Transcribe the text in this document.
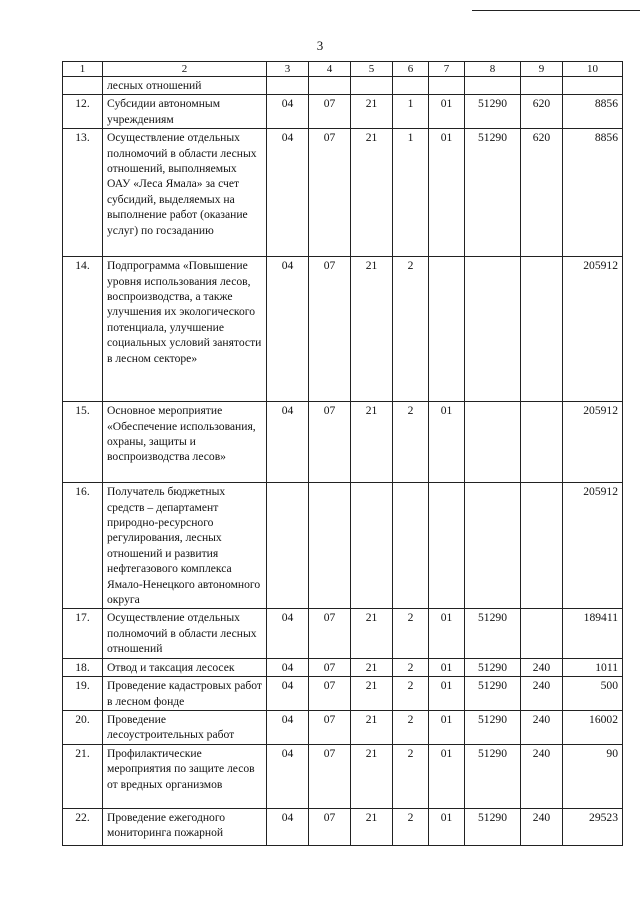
3
1	2	3	4	5	6	7	8	9	10
	лесных отношений								
12.	Субсидии автономным учреждениям	04	07	21	1	01	51290	620	8856
13.	Осуществление отдельных полномочий в области лесных отношений, выполняемых ОАУ «Леса Ямала» за счет субсидий, выделяемых на выполнение работ (оказание услуг) по госзаданию	04	07	21	1	01	51290	620	8856
14.	Подпрограмма «Повышение уровня использования лесов, воспроизводства, а также улучшения их экологического потенциала, улучшение социальных условий занятости в лесном секторе»	04	07	21	2				205912
15.	Основное мероприятие «Обеспечение использования, охраны, защиты и воспроизводства лесов»	04	07	21	2	01			205912
16.	Получатель бюджетных средств – департамент природно-ресурсного регулирования, лесных отношений и развития нефтегазового комплекса Ямало-Ненецкого автономного округа								205912
17.	Осуществление отдельных полномочий в области лесных отношений	04	07	21	2	01	51290		189411
18.	Отвод и таксация лесосек	04	07	21	2	01	51290	240	1011
19.	Проведение кадастровых работ в лесном фонде	04	07	21	2	01	51290	240	500
20.	Проведение лесоустроительных работ	04	07	21	2	01	51290	240	16002
21.	Профилактические мероприятия по защите лесов от вредных организмов	04	07	21	2	01	51290	240	90
22.	Проведение ежегодного мониторинга пожарной	04	07	21	2	01	51290	240	29523
